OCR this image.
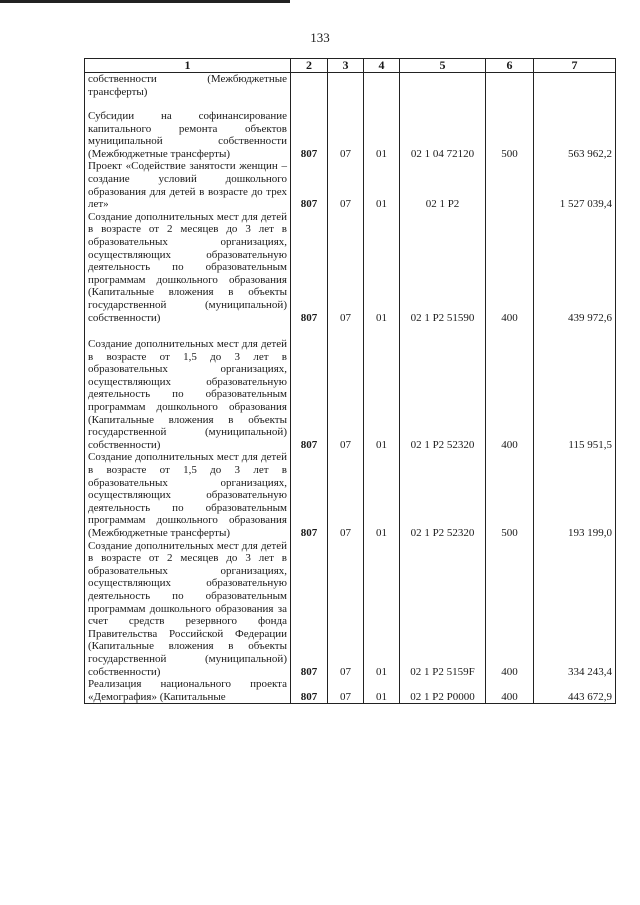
133
1	2	3	4	5	6	7
собственности (Межбюджетные трансферты)						
Субсидии на софинансирование капитального ремонта объектов муниципальной собственности (Межбюджетные трансферты)	807	07	01	02 1 04 72120	500	563 962,2
Проект «Содействие занятости женщин – создание условий дошкольного образования для детей в возрасте до трех лет»	807	07	01	02 1 P2		1 527 039,4
Создание дополнительных мест для детей в возрасте от 2 месяцев до 3 лет в образовательных организациях, осуществляющих образовательную деятельность по образовательным программам дошкольного образования (Капитальные вложения в объекты государственной (муниципальной) собственности)	807	07	01	02 1 P2 51590	400	439 972,6
Создание дополнительных мест для детей в возрасте от 1,5 до 3 лет в образовательных организациях, осуществляющих образовательную деятельность по образовательным программам дошкольного образования (Капитальные вложения в объекты государственной (муниципальной) собственности)	807	07	01	02 1 P2 52320	400	115 951,5
Создание дополнительных мест для детей в возрасте от 1,5 до 3 лет в образовательных организациях, осуществляющих образовательную деятельность по образовательным программам дошкольного образования (Межбюджетные трансферты)	807	07	01	02 1 P2 52320	500	193 199,0
Создание дополнительных мест для детей в возрасте от 2 месяцев до 3 лет в образовательных организациях, осуществляющих образовательную деятельность по образовательным программам дошкольного образования за счет средств резервного фонда Правительства Российской Федерации (Капитальные вложения в объекты государственной (муниципальной) собственности)	807	07	01	02 1 P2 5159F	400	334 243,4
Реализация национального проекта «Демография» (Капитальные	807	07	01	02 1 P2 P0000	400	443 672,9
